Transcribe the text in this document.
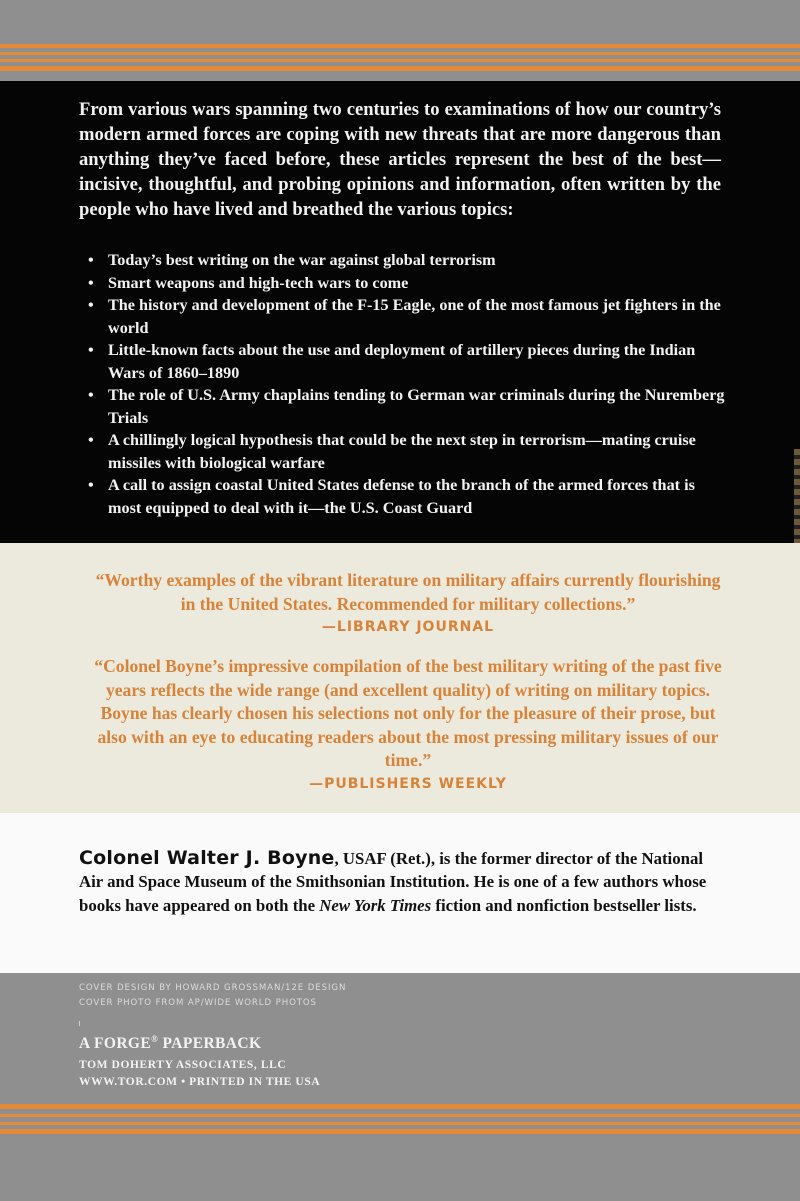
From various wars spanning two centuries to examinations of how our country’s modern armed forces are coping with new threats that are more dangerous than anything they’ve faced before, these articles represent the best of the best—incisive, thoughtful, and probing opinions and information, often written by the people who have lived and breathed the various topics:

• Today’s best writing on the war against global terrorism
• Smart weapons and high-tech wars to come
• The history and development of the F-15 Eagle, one of the most famous jet fighters in the world
• Little-known facts about the use and deployment of artillery pieces during the Indian Wars of 1860–1890
• The role of U.S. Army chaplains tending to German war criminals during the Nuremberg Trials
• A chillingly logical hypothesis that could be the next step in terrorism—mating cruise missiles with biological warfare
• A call to assign coastal United States defense to the branch of the armed forces that is most equipped to deal with it—the U.S. Coast Guard
“Worthy examples of the vibrant literature on military affairs currently flourishing in the United States. Recommended for military collections.”
—LIBRARY JOURNAL
“Colonel Boyne’s impressive compilation of the best military writing of the past five years reflects the wide range (and excellent quality) of writing on military topics. Boyne has clearly chosen his selections not only for the pleasure of their prose, but also with an eye to educating readers about the most pressing military issues of our time.”
—PUBLISHERS WEEKLY

Colonel Walter J. Boyne, USAF (Ret.), is the former director of the National Air and Space Museum of the Smithsonian Institution. He is one of a few authors whose books have appeared on both the New York Times fiction and nonfiction bestseller lists.

COVER DESIGN BY HOWARD GROSSMAN/12E DESIGN
COVER PHOTO FROM AP/WIDE WORLD PHOTOS
A FORGE® PAPERBACK
TOM DOHERTY ASSOCIATES, LLC
WWW.TOR.COM • PRINTED IN THE USA
